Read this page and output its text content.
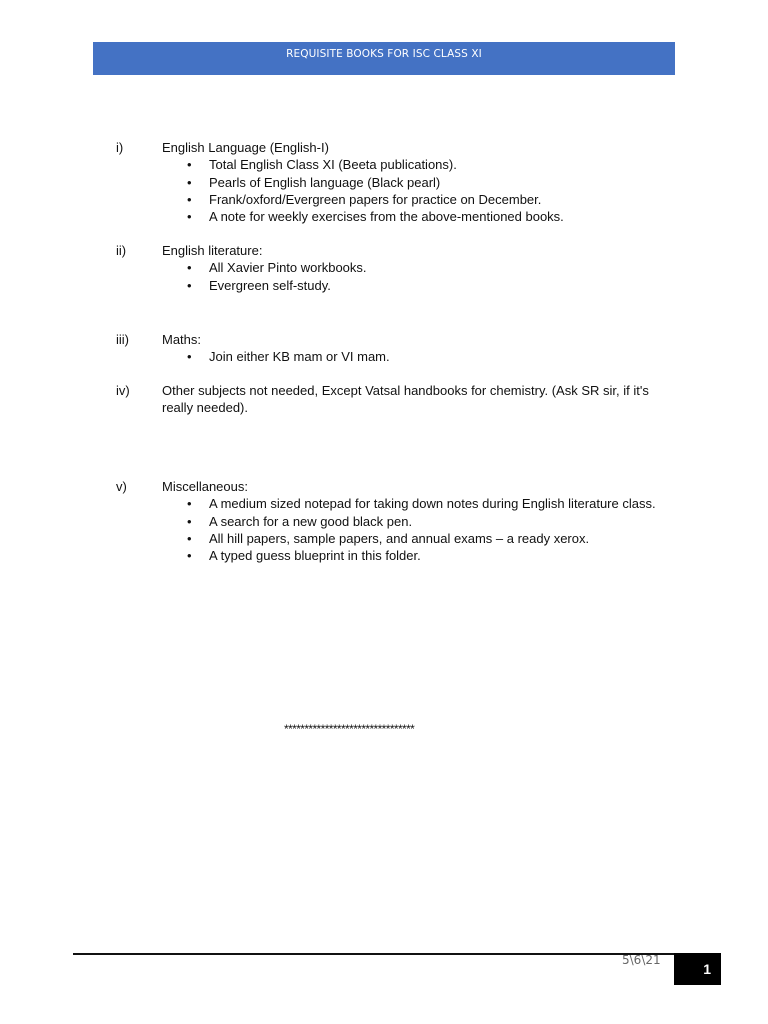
REQUISITE BOOKS FOR ISC CLASS XI
i)	English Language (English-I)
• Total English Class XI (Beeta publications).
• Pearls of English language (Black pearl)
• Frank/oxford/Evergreen papers for practice on December.
• A note for weekly exercises from the above-mentioned books.
ii)	English literature:
• All Xavier Pinto workbooks.
• Evergreen self-study.
iii)	Maths:
• Join either KB mam or VI mam.
iv) Other subjects not needed, Except Vatsal handbooks for chemistry. (Ask SR sir, if it's really needed).
v)	Miscellaneous:
• A medium sized notepad for taking down notes during English literature class.
• A search for a new good black pen.
• All hill papers, sample papers, and annual exams – a ready xerox.
• A typed guess blueprint in this folder.
********************************
5\6\21
1
